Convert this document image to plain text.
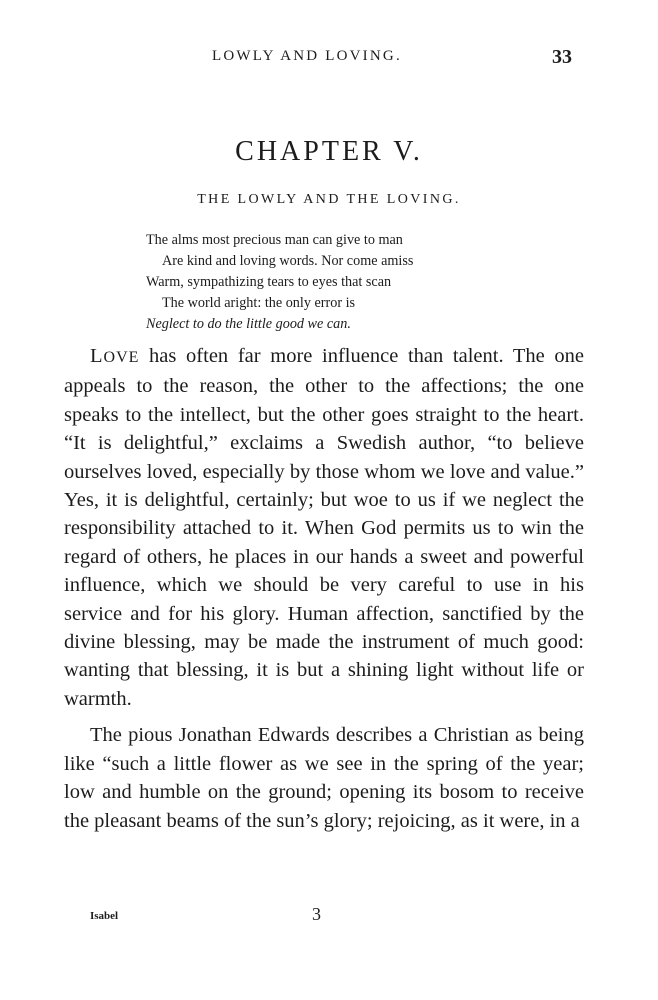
LOWLY AND LOVING.	33
CHAPTER V.
THE LOWLY AND THE LOVING.
The alms most precious man can give to man
Are kind and loving words. Nor come amiss
Warm, sympathizing tears to eyes that scan
The world aright: the only error is
Neglect to do the little good we can.

LOVE has often far more influence than talent. The one appeals to the reason, the other to the affections; the one speaks to the intellect, but the other goes straight to the heart. “It is delightful,” exclaims a Swedish author, “to believe ourselves loved, especially by those whom we love and value.” Yes, it is delightful, certainly; but woe to us if we neglect the responsibility attached to it. When God permits us to win the regard of others, he places in our hands a sweet and powerful influence, which we should be very careful to use in his service and for his glory. Human affection, sanctified by the divine blessing, may be made the instrument of much good: wanting that blessing, it is but a shining light without life or warmth.

The pious Jonathan Edwards describes a Christian as being like “such a little flower as we see in the spring of the year; low and humble on the ground; opening its bosom to receive the pleasant beams of the sun’s glory; rejoicing, as it were, in a

Isabel	3
